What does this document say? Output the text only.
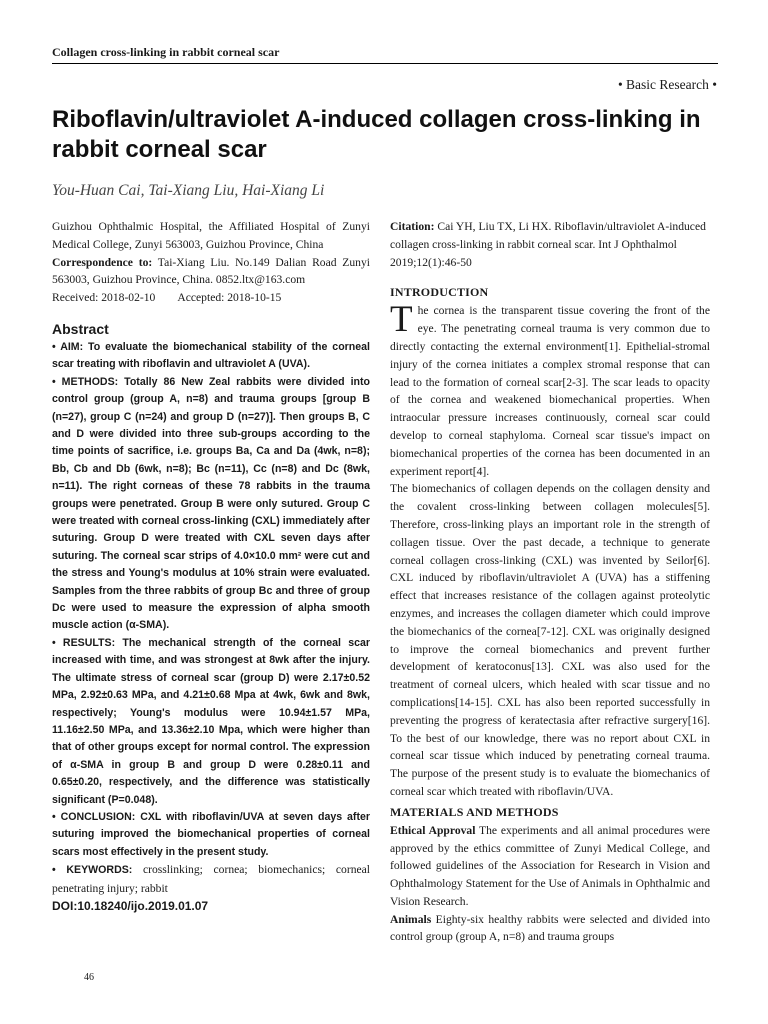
Collagen cross-linking in rabbit corneal scar
• Basic Research •
Riboflavin/ultraviolet A-induced collagen cross-linking in rabbit corneal scar
You-Huan Cai, Tai-Xiang Liu, Hai-Xiang Li

Guizhou Ophthalmic Hospital, the Affiliated Hospital of Zunyi Medical College, Zunyi 563003, Guizhou Province, China

Correspondence to: Tai-Xiang Liu. No.149 Dalian Road Zunyi 563003, Guizhou Province, China. 0852.ltx@163.com

Received: 2018-02-10 Accepted: 2018-10-15
Abstract

• AIM: To evaluate the biomechanical stability of the corneal scar treating with riboflavin and ultraviolet A (UVA).

• METHODS: Totally 86 New Zeal rabbits were divided into control group (group A, n=8) and trauma groups [group B (n=27), group C (n=24) and group D (n=27)]. Then groups B, C and D were divided into three sub-groups according to the time points of sacrifice, i.e. groups Ba, Ca and Da (4wk, n=8); Bb, Cb and Db (6wk, n=8); Bc (n=11), Cc (n=8) and Dc (8wk, n=11). The right corneas of these 78 rabbits in the trauma groups were penetrated. Group B were only sutured. Group C were treated with corneal cross-linking (CXL) immediately after suturing. Group D were treated with CXL seven days after suturing. The corneal scar strips of 4.0×10.0 mm² were cut and the stress and Young's modulus at 10% strain were evaluated. Samples from the three rabbits of group Bc and three of group Dc were used to measure the expression of alpha smooth muscle action (α-SMA).

• RESULTS: The mechanical strength of the corneal scar increased with time, and was strongest at 8wk after the injury. The ultimate stress of corneal scar (group D) were 2.17±0.52 MPa, 2.92±0.63 MPa, and 4.21±0.68 Mpa at 4wk, 6wk and 8wk, respectively; Young's modulus were 10.94±1.57 MPa, 11.16±2.50 MPa, and 13.36±2.10 Mpa, which were higher than that of other groups except for normal control. The expression of α-SMA in group B and group D were 0.28±0.11 and 0.65±0.20, respectively, and the difference was statistically significant (P=0.048).

• CONCLUSION: CXL with riboflavin/UVA at seven days after suturing improved the biomechanical properties of corneal scars most effectively in the present study.

• KEYWORDS: crosslinking; cornea; biomechanics; corneal penetrating injury; rabbit

DOI:10.18240/ijo.2019.01.07

Citation: Cai YH, Liu TX, Li HX. Riboflavin/ultraviolet A-induced collagen cross-linking in rabbit corneal scar. Int J Ophthalmol 2019;12(1):46-50

INTRODUCTION

The cornea is the transparent tissue covering the front of the eye. The penetrating corneal trauma is very common due to directly contacting the external environment[1]. Epithelial-stromal injury of the cornea initiates a complex stromal response that can lead to the formation of corneal scar[2-3]. The scar leads to opacity of the cornea and weakened biomechanical properties. When intraocular pressure increases continuously, corneal scar could develop to corneal staphyloma. Corneal scar tissue's impact on biomechanical properties of the cornea has been documented in an experiment report[4].

The biomechanics of collagen depends on the collagen density and the covalent cross-linking between collagen molecules[5]. Therefore, cross-linking plays an important role in the strength of collagen tissue. Over the past decade, a technique to generate corneal collagen cross-linking (CXL) was invented by Seilor[6]. CXL induced by riboflavin/ultraviolet A (UVA) has a stiffening effect that increases resistance of the collagen against proteolytic enzymes, and increases the collagen diameter which could improve the biomechanics of the cornea[7-12]. CXL was originally designed to improve the corneal biomechanics and prevent further development of keratoconus[13]. CXL was also used for the treatment of corneal ulcers, which healed with scar tissue and no complications[14-15]. CXL has also been reported successfully in preventing the progress of keratectasia after refractive surgery[16]. To the best of our knowledge, there was no report about CXL in corneal scar tissue which induced by penetrating corneal trauma. The purpose of the present study is to evaluate the biomechanics of corneal scar which treated with riboflavin/UVA.

MATERIALS AND METHODS

Ethical Approval The experiments and all animal procedures were approved by the ethics committee of Zunyi Medical College, and followed guidelines of the Association for Research in Vision and Ophthalmology Statement for the Use of Animals in Ophthalmic and Vision Research.

Animals Eighty-six healthy rabbits were selected and divided into control group (group A, n=8) and trauma groups

46
